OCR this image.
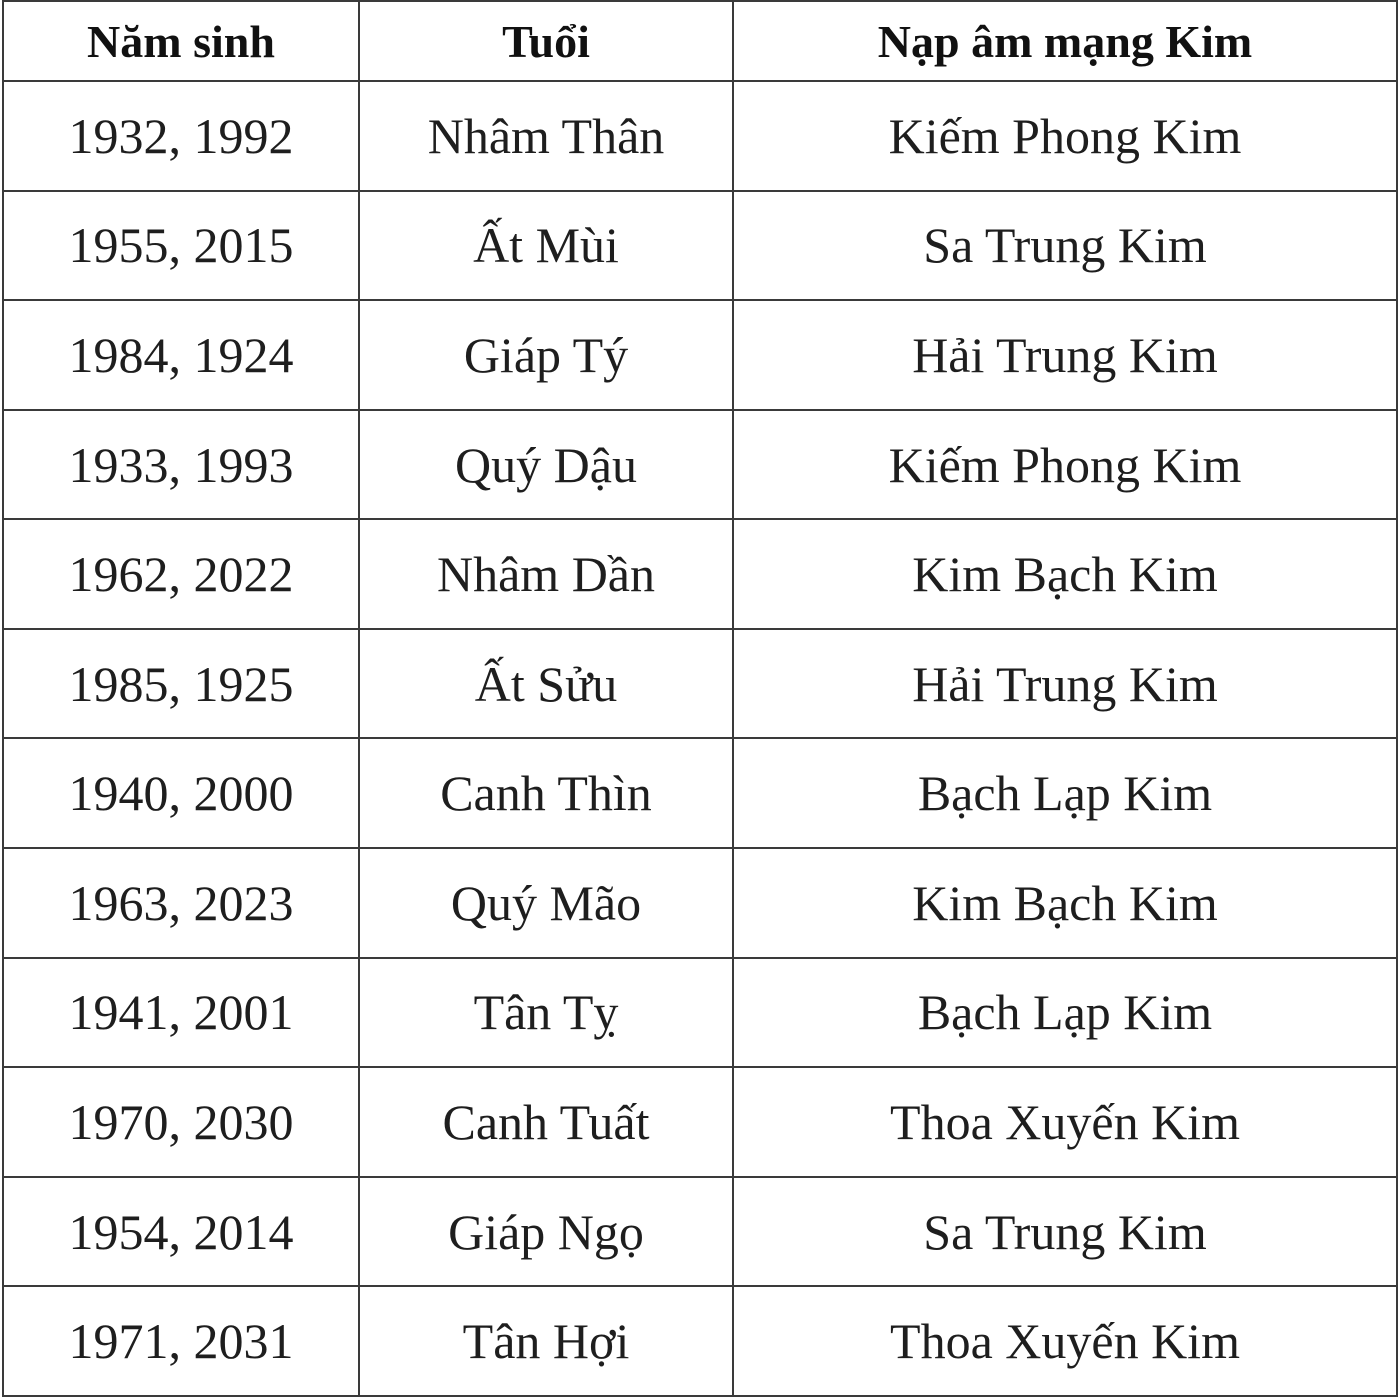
Năm sinh	Tuổi	Nạp âm mạng Kim
1932, 1992	Nhâm Thân	Kiếm Phong Kim
1955, 2015	Ất Mùi	Sa Trung Kim
1984, 1924	Giáp Tý	Hải Trung Kim
1933, 1993	Quý Dậu	Kiếm Phong Kim
1962, 2022	Nhâm Dần	Kim Bạch Kim
1985, 1925	Ất Sửu	Hải Trung Kim
1940, 2000	Canh Thìn	Bạch Lạp Kim
1963, 2023	Quý Mão	Kim Bạch Kim
1941, 2001	Tân Tỵ	Bạch Lạp Kim
1970, 2030	Canh Tuất	Thoa Xuyến Kim
1954, 2014	Giáp Ngọ	Sa Trung Kim
1971, 2031	Tân Hợi	Thoa Xuyến Kim
